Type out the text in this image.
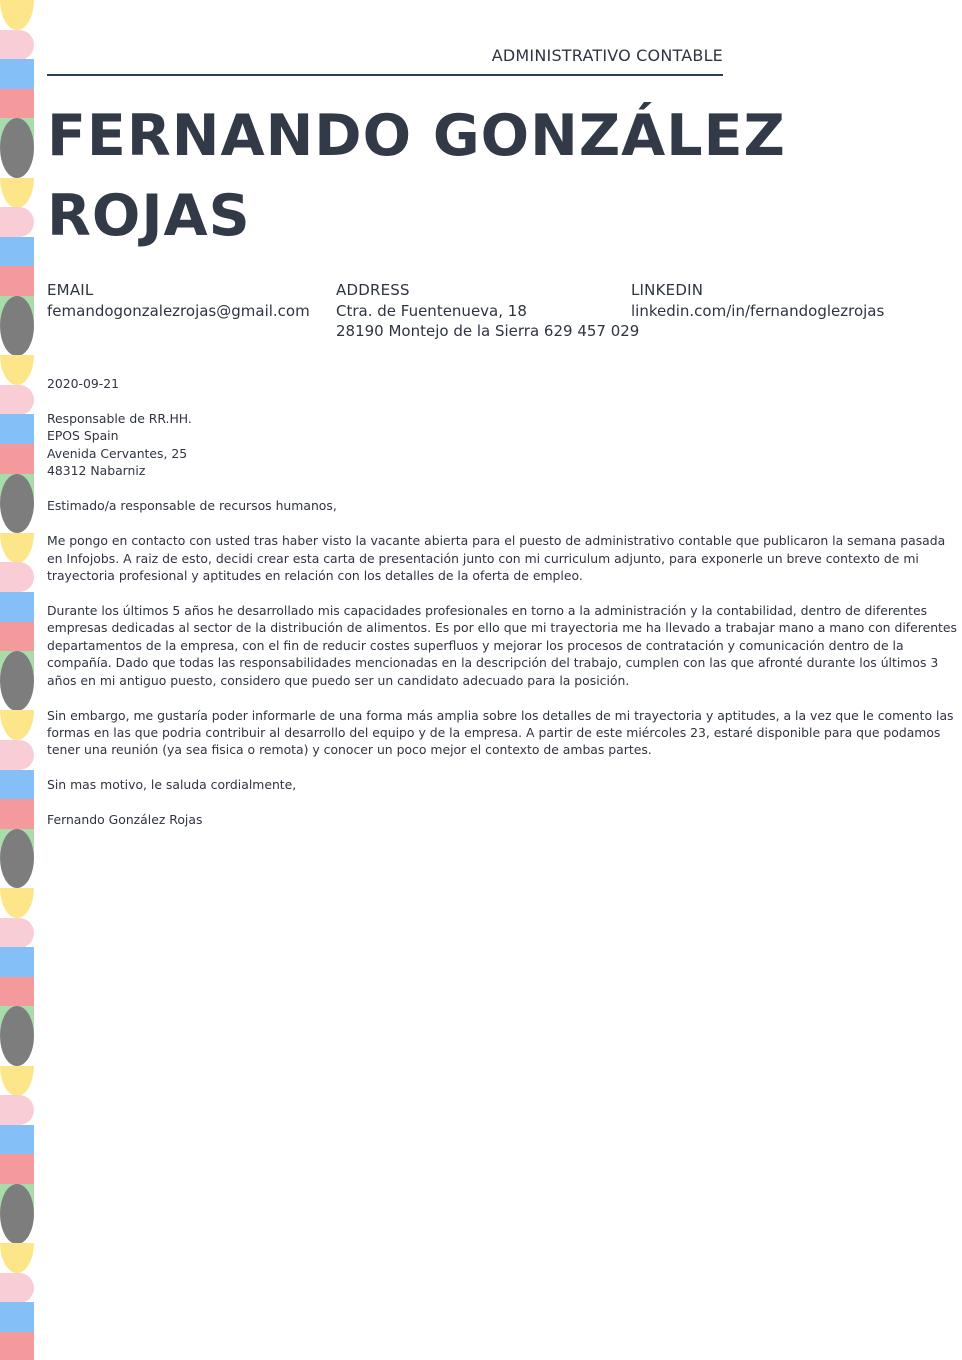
ADMINISTRATIVO CONTABLE
FERNANDO GONZÁLEZ
ROJAS
EMAIL
femandogonzalezrojas@gmail.com
ADDRESS
Ctra. de Fuentenueva, 18
28190 Montejo de la Sierra 629 457 029
LINKEDIN
linkedin.com/in/fernandoglezrojas
2020-09-21
Responsable de RR.HH.
EPOS Spain
Avenida Cervantes, 25
48312 Nabarniz
Estimado/a responsable de recursos humanos,
Me pongo en contacto con usted tras haber visto la vacante abierta para el puesto de administrativo contable que publicaron la semana pasada
en Infojobs. A raiz de esto, decidi crear esta carta de presentación junto con mi curriculum adjunto, para exponerle un breve contexto de mi
trayectoria profesional y aptitudes en relación con los detalles de la oferta de empleo.
Durante los últimos 5 años he desarrollado mis capacidades profesionales en torno a la administración y la contabilidad, dentro de diferentes
empresas dedicadas al sector de la distribución de alimentos. Es por ello que mi trayectoria me ha llevado a trabajar mano a mano con diferentes
departamentos de la empresa, con el fin de reducir costes superfluos y mejorar los procesos de contratación y comunicación dentro de la
compañía. Dado que todas las responsabilidades mencionadas en la descripción del trabajo, cumplen con las que afronté durante los últimos 3
años en mi antiguo puesto, considero que puedo ser un candidato adecuado para la posición.
Sin embargo, me gustaría poder informarle de una forma más amplia sobre los detalles de mi trayectoria y aptitudes, a la vez que le comento las
formas en las que podria contribuir al desarrollo del equipo y de la empresa. A partir de este miércoles 23, estaré disponible para que podamos
tener una reunión (ya sea fisica o remota) y conocer un poco mejor el contexto de ambas partes.
Sin mas motivo, le saluda cordialmente,
Fernando González Rojas
